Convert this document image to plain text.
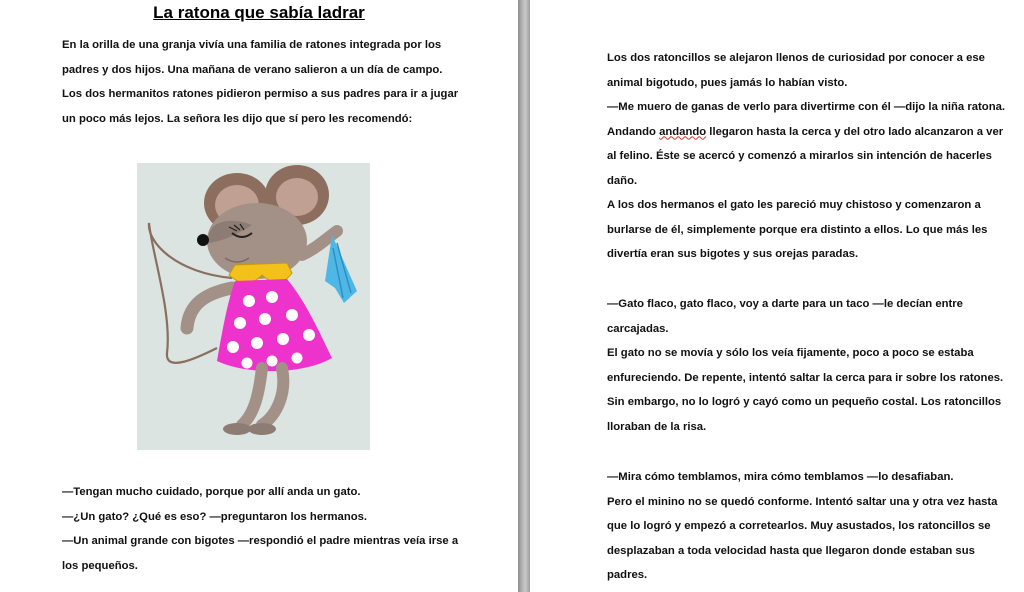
La ratona que sabía ladrar
En la orilla de una granja vivía una familia de ratones integrada por los
padres y dos hijos. Una mañana de verano salieron a un día de campo.
Los dos hermanitos ratones pidieron permiso a sus padres para ir a jugar
un poco más lejos. La señora les dijo que sí pero les recomendó:
—Tengan mucho cuidado, porque por allí anda un gato.
—¿Un gato? ¿Qué es eso? —preguntaron los hermanos.
—Un animal grande con bigotes —respondió el padre mientras veía irse a
los pequeños.
Los dos ratoncillos se alejaron llenos de curiosidad por conocer a ese
animal bigotudo, pues jamás lo habían visto.
—Me muero de ganas de verlo para divertirme con él —dijo la niña ratona.
Andando andando llegaron hasta la cerca y del otro lado alcanzaron a ver
al felino. Éste se acercó y comenzó a mirarlos sin intención de hacerles
daño.
A los dos hermanos el gato les pareció muy chistoso y comenzaron a
burlarse de él, simplemente porque era distinto a ellos. Lo que más les
divertía eran sus bigotes y sus orejas paradas.
—Gato flaco, gato flaco, voy a darte para un taco —le decían entre
carcajadas.
El gato no se movía y sólo los veía fijamente, poco a poco se estaba
enfureciendo. De repente, intentó saltar la cerca para ir sobre los ratones.
Sin embargo, no lo logró y cayó como un pequeño costal. Los ratoncillos
lloraban de la risa.
—Mira cómo temblamos, mira cómo temblamos —lo desafiaban.
Pero el minino no se quedó conforme. Intentó saltar una y otra vez hasta
que lo logró y empezó a corretearlos. Muy asustados, los ratoncillos se
desplazaban a toda velocidad hasta que llegaron donde estaban sus
padres.
